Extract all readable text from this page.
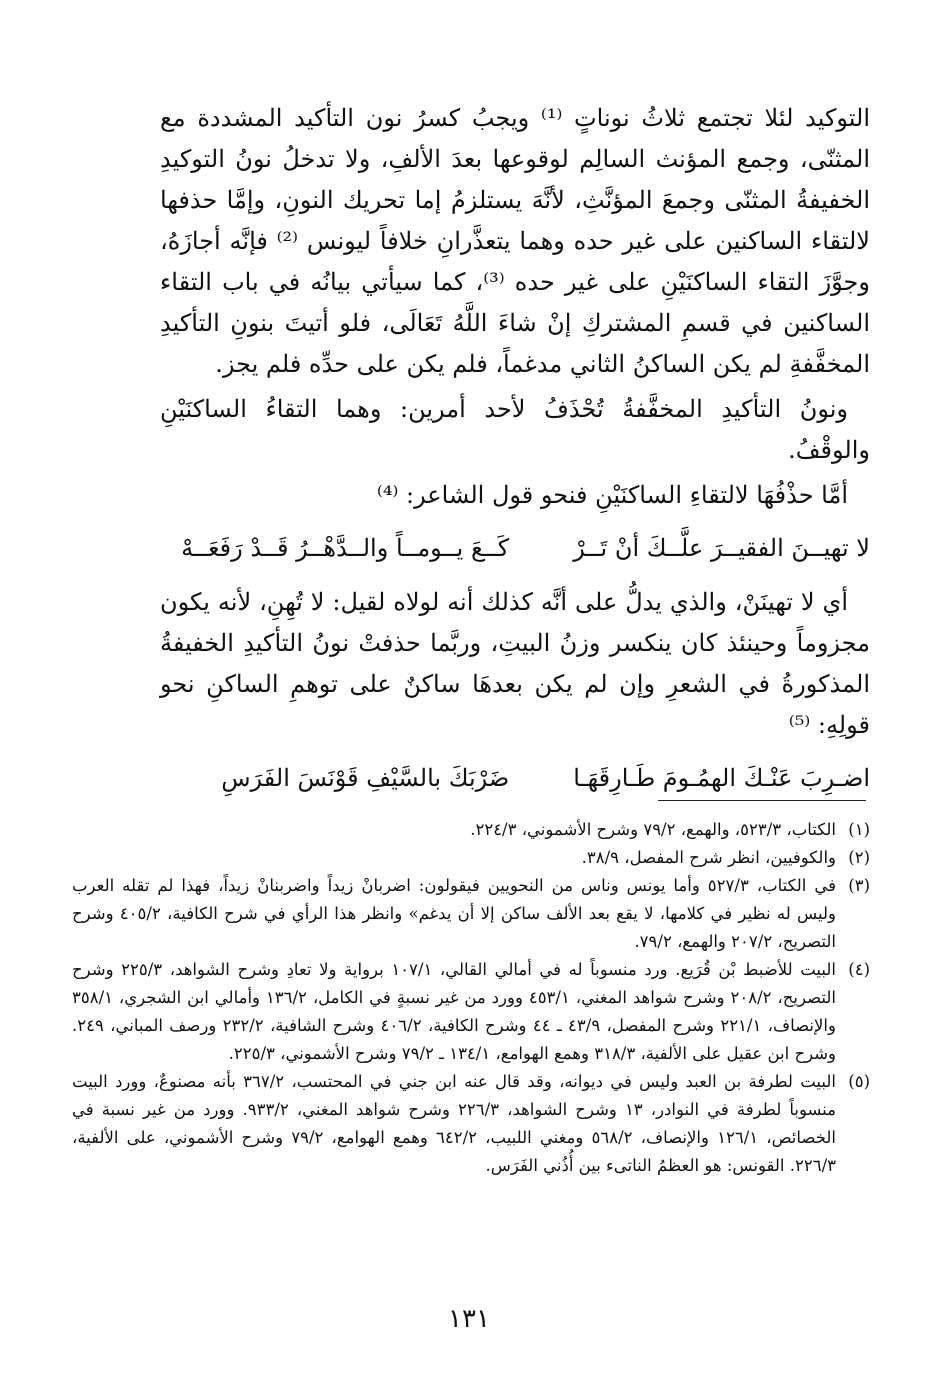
التوكيد لئلا تجتمع ثلاثُ نوناتٍ ⁽¹⁾ ويجبُ كسرُ نون التأكيد المشددة مع المثنّى، وجمع المؤنث السالِم لوقوعها بعدَ الألفِ، ولا تدخلُ نونُ التوكيدِ الخفيفةُ المثنّى وجمعَ المؤنَّثِ، لأنَّهَ يستلزمُ إما تحريك النونِ، وإمَّا حذفها لالتقاء الساكنين على غير حده وهما يتعذَّرانِ خلافاً ليونس ⁽²⁾ فإنَّه أجازَهُ، وجوَّزَ التقاء الساكنَيْنِ على غير حده ⁽³⁾، كما سيأتي بيانُه في باب التقاء الساكنين في قسمِ المشتركِ إنْ شاءَ اللَّهُ تَعَالَى، فلو أتيتَ بنونِ التأكيدِ المخفَّفةِ لم يكن الساكنُ الثاني مدغماً، فلم يكن على حدِّه فلم يجز.

ونونُ التأكيدِ المخفَّفةُ تُحْذَفُ لأحد أمرين: وهما التقاءُ الساكنَيْنِ والوقْفُ.

أمَّا حذْفُهَا لالتقاءِ الساكنَيْنِ فنحو قول الشاعر: ⁽⁴⁾

لا تهيــنَ الفقيــرَ علَّــكَ أنْ تَــرْ
كَــعَ يــومــاً والــدَّهْــرُ قَــدْ رَفَعَــهْ

أي لا تهينَنْ، والذي يدلُّ على أنَّه كذلك أنه لولاه لقيل: لا تُهِنِ، لأنه يكون مجزوماً وحينئذ كان ينكسر وزنُ البيتِ، وربَّما حذفتْ نونُ التأكيدِ الخفيفةُ المذكورةُ في الشعرِ وإن لم يكن بعدهَا ساكنٌ على توهمِ الساكنِ نحو قولِهِ: ⁽⁵⁾

اضـرِبَ عَنْـكَ الهمُـومَ طَـارِقَهَـا
ضَرْبَكَ بالسَّيْفِ قَوْنَسَ الفَرَسِ
(١)
الكتاب، ٥٢٣/٣، والهمع، ٧٩/٢ وشرح الأشموني، ٢٢٤/٣.
(٢)
والكوفيين، انظر شرح المفصل، ٣٨/٩.
(٣)
في الكتاب، ٥٢٧/٣ وأما يونس وناس من النحويين فيقولون: اضربانْ زيداً واضربنانْ زيداً، فهذا لم تقله العرب وليس له نظير في كلامها، لا يقع بعد الألف ساكن إلا أن يدغم» وانظر هذا الرأي في شرح الكافية، ٤٠٥/٢ وشرح التصريح، ٢٠٧/٢ والهمع، ٧٩/٢.
(٤)
البيت للأضبط بْن قُرَيع. ورد منسوباً له في أمالي القالي، ١٠٧/١ برواية ولا تعادِ وشرح الشواهد، ٢٢٥/٣ وشرح التصريح، ٢٠٨/٢ وشرح شواهد المغني، ٤٥٣/١ وورد من غير نسبةٍ في الكامل، ١٣٦/٢ وأمالي ابن الشجري، ٣٥٨/١ والإنصاف، ٢٢١/١ وشرح المفصل، ٤٣/٩ ـ ٤٤ وشرح الكافية، ٤٠٦/٢ وشرح الشافية، ٢٣٢/٢ ورصف المباني، ٢٤٩. وشرح ابن عقيل على الألفية، ٣١٨/٣ وهمع الهوامع، ١٣٤/١ ـ ٧٩/٢ وشرح الأشموني، ٢٢٥/٣.
(٥)
البيت لطرفة بن العبد وليس في ديوانه، وقد قال عنه ابن جني في المحتسب، ٣٦٧/٢ بأنه مصنوعٌ، وورد البيت منسوباً لطرفة في النوادر، ١٣ وشرح الشواهد، ٢٢٦/٣ وشرح شواهد المغني، ٩٣٣/٢. وورد من غير نسبة في الخصائص، ١٢٦/١ والإنصاف، ٥٦٨/٢ ومغني اللبيب، ٦٤٢/٢ وهمع الهوامع، ٧٩/٢ وشرح الأشموني، على الألفية، ٢٢٦/٣. القونس: هو العظمُ الناتىء بين أُذُني الفَرَس.
١٣١
